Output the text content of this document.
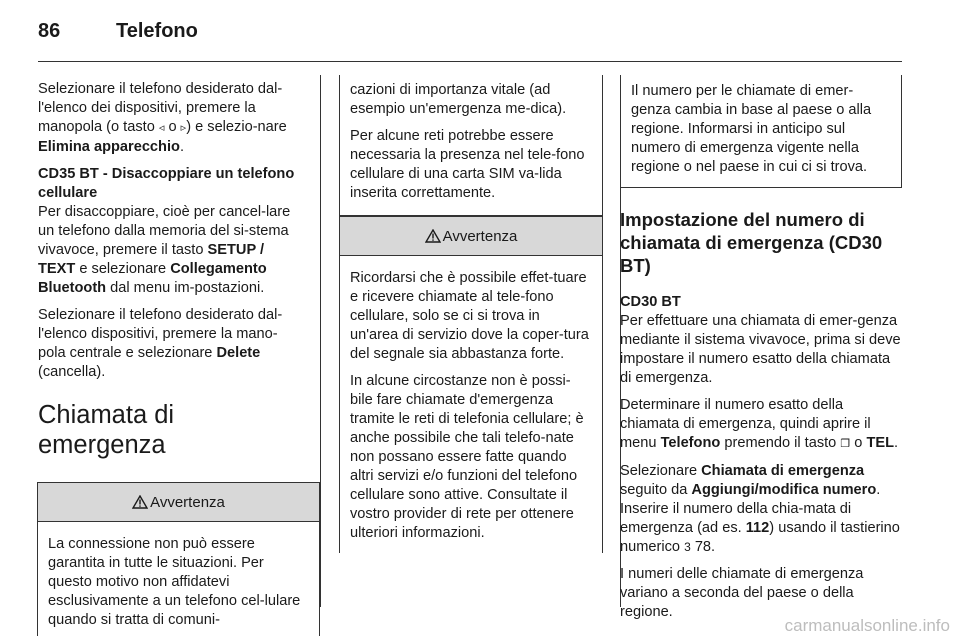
86	Telefono

Selezionare il telefono desiderato dal-l'elenco dei dispositivi, premere la manopola (o tasto ◃ o ▹) e selezio-nare Elimina apparecchio.

CD35 BT - Disaccoppiare un telefono cellulare

Per disaccoppiare, cioè per cancel-lare un telefono dalla memoria del si-stema vivavoce, premere il tasto SETUP / TEXT e selezionare Collegamento Bluetooth dal menu im-postazioni.

Selezionare il telefono desiderato dal-l'elenco dispositivi, premere la mano-pola centrale e selezionare Delete (cancella).

Chiamata di emergenza
Avvertenza
La connessione non può essere garantita in tutte le situazioni. Per questo motivo non affidatevi esclusivamente a un telefono cel-lulare quando si tratta di comuni-

cazioni di importanza vitale (ad esempio un'emergenza me-dica).

Per alcune reti potrebbe essere necessaria la presenza nel tele-fono cellulare di una carta SIM va-lida inserita correttamente.

Avvertenza

Ricordarsi che è possibile effet-tuare e ricevere chiamate al tele-fono cellulare, solo se ci si trova in un'area di servizio dove la coper-tura del segnale sia abbastanza forte.

In alcune circostanze non è possi-bile fare chiamate d'emergenza tramite le reti di telefonia cellulare; è anche possibile che tali telefo-nate non possano essere fatte quando altri servizi e/o funzioni del telefono cellulare sono attive. Consultate il vostro provider di rete per ottenere ulteriori informazioni.

Il numero per le chiamate di emer-genza cambia in base al paese o alla regione. Informarsi in anticipo sul numero di emergenza vigente nella regione o nel paese in cui ci si trova.
Impostazione del numero di chiamata di emergenza (CD30 BT)

CD30 BT

Per effettuare una chiamata di emer-genza mediante il sistema vivavoce, prima si deve impostare il numero esatto della chiamata di emergenza.

Determinare il numero esatto della chiamata di emergenza, quindi aprire il menu Telefono premendo il tasto ❐ o TEL.

Selezionare Chiamata di emergenza seguito da Aggiungi/modifica numero. Inserire il numero della chia-mata di emergenza (ad es. 112) usando il tastierino numerico 3 78.

I numeri delle chiamate di emergenza variano a seconda del paese o della regione.

carmanualsonline.info
